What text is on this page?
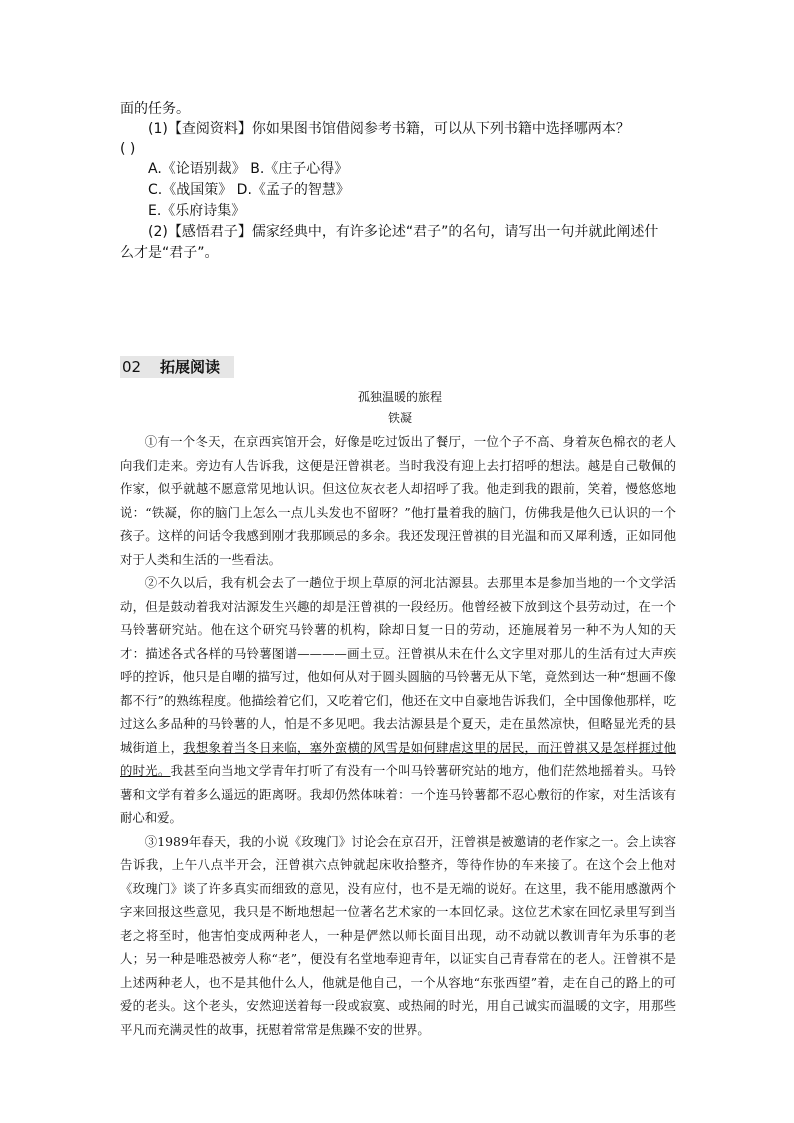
面的任务。
(1)【查阅资料】你如果图书馆借阅参考书籍，可以从下列书籍中选择哪两本？
( )
A.《论语别裁》 B.《庄子心得》
C.《战国策》 D.《孟子的智慧》
E.《乐府诗集》
(2)【感悟君子】儒家经典中，有许多论述“君子”的名句，请写出一句并就此阐述什
么才是“君子”。
02 拓展阅读
孤独温暖的旅程
铁凝

①有一个冬天，在京西宾馆开会，好像是吃过饭出了餐厅，一位个子不高、身着灰色棉衣的老人向我们走来。旁边有人告诉我，这便是汪曾祺老。当时我没有迎上去打招呼的想法。越是自己敬佩的作家，似乎就越不愿意常见地认识。但这位灰衣老人却招呼了我。他走到我的跟前，笑着，慢悠悠地说：“铁凝，你的脑门上怎么一点儿头发也不留呀？”他打量着我的脑门，仿佛我是他久已认识的一个孩子。这样的问话令我感到刚才我那顾忌的多余。我还发现汪曾祺的目光温和而又犀利透，正如同他对于人类和生活的一些看法。

②不久以后，我有机会去了一趟位于坝上草原的河北沽源县。去那里本是参加当地的一个文学活动，但是鼓动着我对沽源发生兴趣的却是汪曾祺的一段经历。他曾经被下放到这个县劳动过，在一个马铃薯研究站。他在这个研究马铃薯的机构，除却日复一日的劳动，还施展着另一种不为人知的天才：描述各式各样的马铃薯图谱————画土豆。汪曾祺从未在什么文字里对那儿的生活有过大声疾呼的控诉，他只是自嘲的描写过，他如何从对于圆头圆脑的马铃薯无从下笔，竟然到达一种“想画不像都不行”的熟练程度。他描绘着它们，又吃着它们，他还在文中自豪地告诉我们，全中国像他那样，吃过这么多品种的马铃薯的人，怕是不多见吧。我去沽源县是个夏天，走在虽然凉快，但略显光秃的县城街道上，我想象着当冬日来临，塞外蛮横的风雪是如何肆虐这里的居民，而汪曾祺又是怎样捱过他的时光。我甚至向当地文学青年打听了有没有一个叫马铃薯研究站的地方，他们茫然地摇着头。马铃薯和文学有着多么遥远的距离呀。我却仍然体味着：一个连马铃薯都不忍心敷衍的作家，对生活该有耐心和爱。

③1989年春天，我的小说《玫瑰门》讨论会在京召开，汪曾祺是被邀请的老作家之一。会上读容告诉我，上午八点半开会，汪曾祺六点钟就起床收拾整齐，等待作协的车来接了。在这个会上他对《玫瑰门》谈了许多真实而细致的意见，没有应付，也不是无端的说好。在这里，我不能用感激两个字来回报这些意见，我只是不断地想起一位著名艺术家的一本回忆录。这位艺术家在回忆录里写到当老之将至时，他害怕变成两种老人，一种是俨然以师长面目出现，动不动就以教训青年为乐事的老人；另一种是唯恐被旁人称“老”，便没有名堂地奉迎青年，以证实自己青春常在的老人。汪曾祺不是上述两种老人，也不是其他什么人，他就是他自己，一个从容地“东张西望”着，走在自己的路上的可爱的老头。这个老头，安然迎送着每一段或寂寞、或热闹的时光，用自己诚实而温暖的文字，用那些平凡而充满灵性的故事，抚慰着常常是焦躁不安的世界。
